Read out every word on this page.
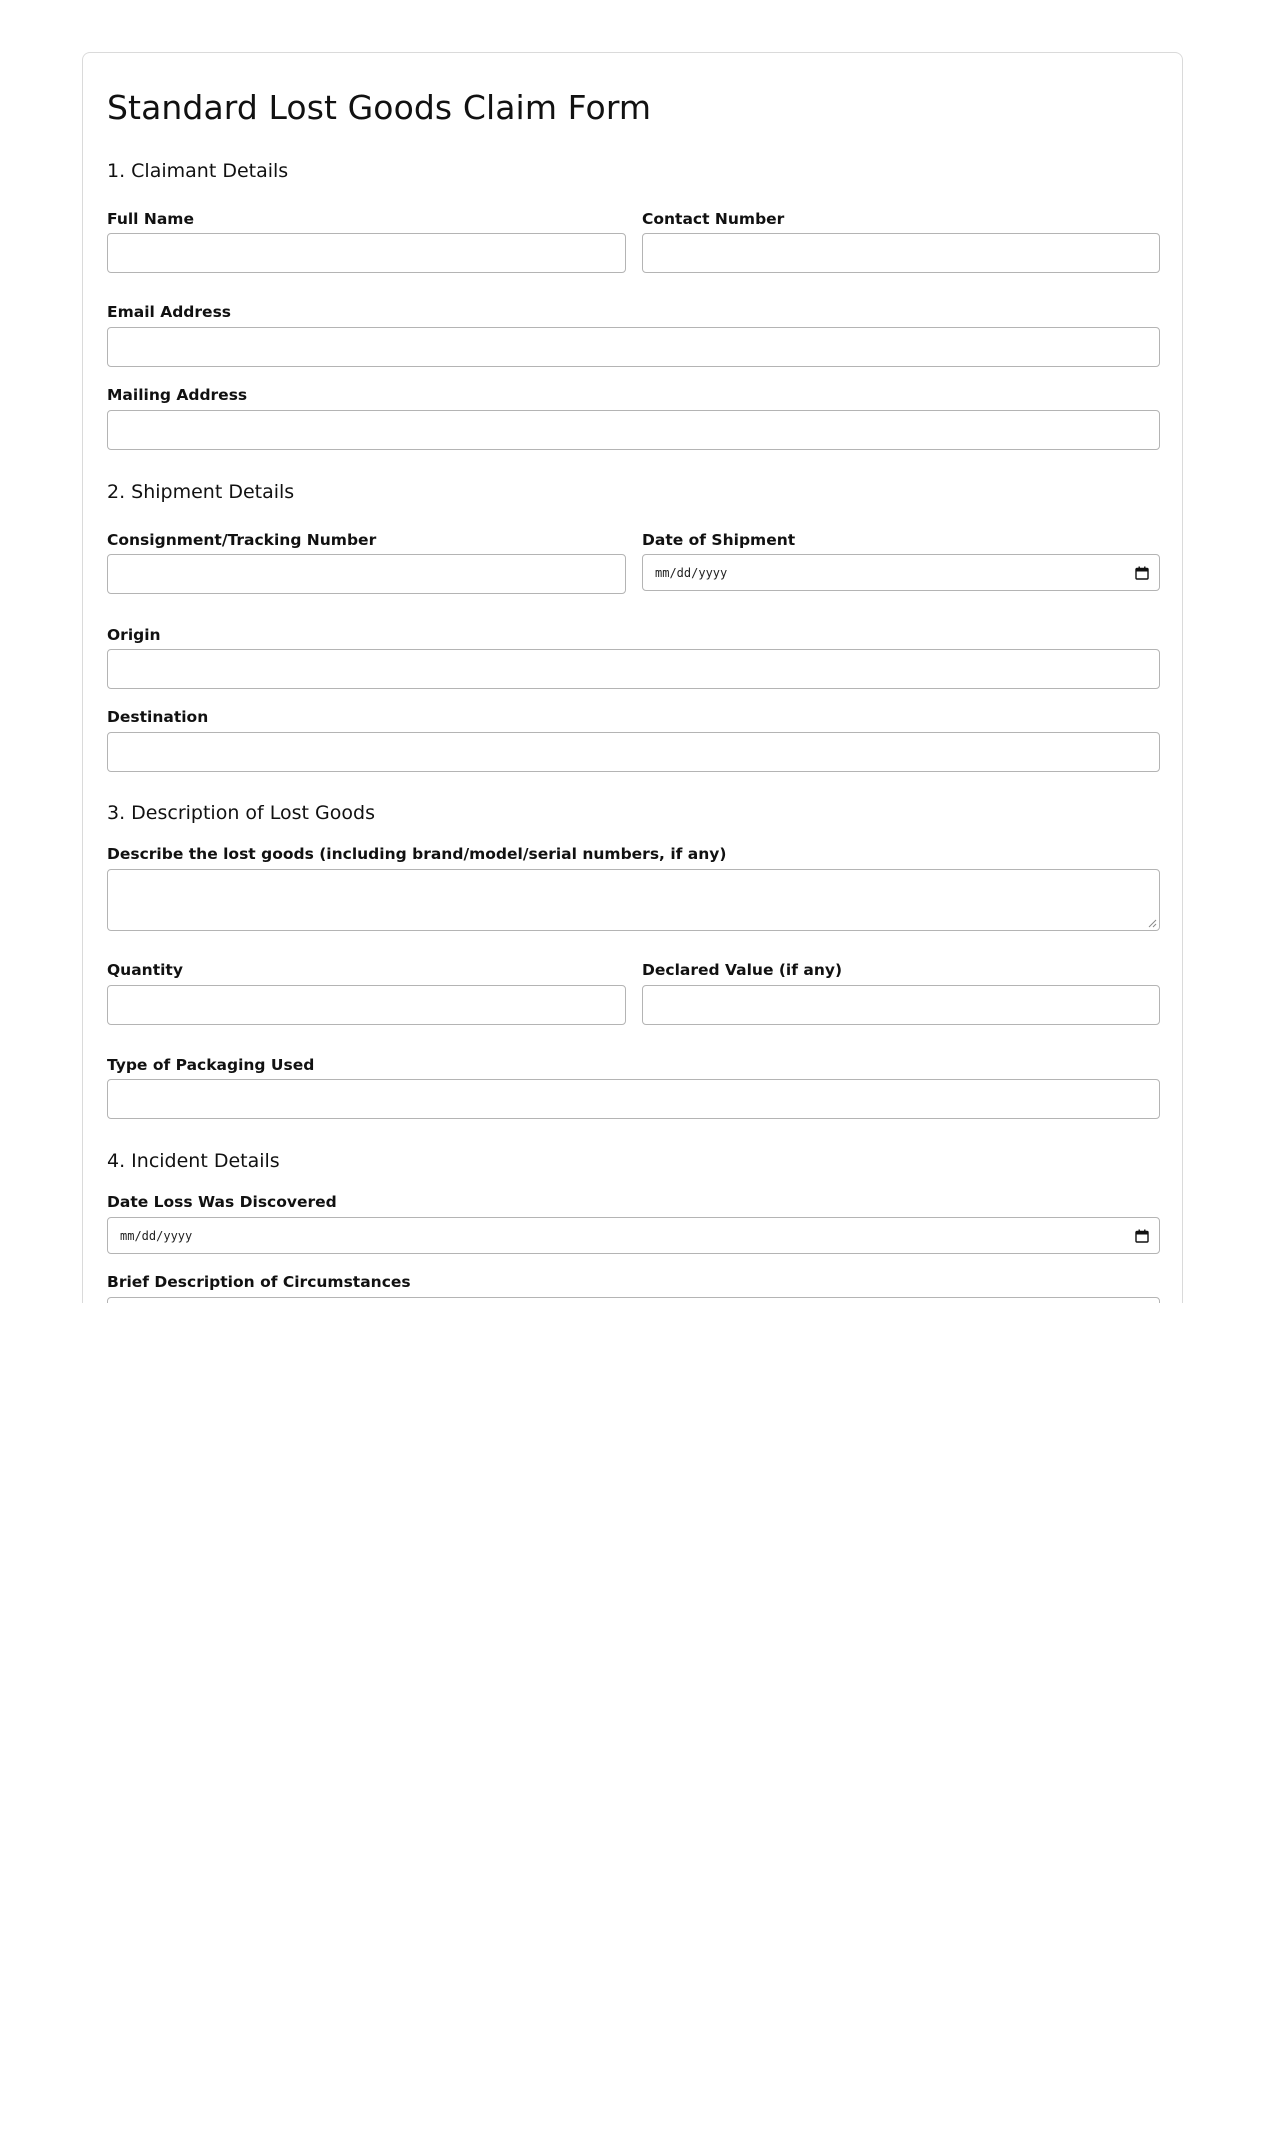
Standard Lost Goods Claim Form
1. Claimant Details
Full Name	Contact Number
Email Address
Mailing Address
2. Shipment Details
Consignment/Tracking Number	Date of Shipment
mm/dd/yyyy
Origin
Destination
3. Description of Lost Goods
Describe the lost goods (including brand/model/serial numbers, if any)
Quantity	Declared Value (if any)
Type of Packaging Used
4. Incident Details
Date Loss Was Discovered
mm/dd/yyyy
Brief Description of Circumstances
